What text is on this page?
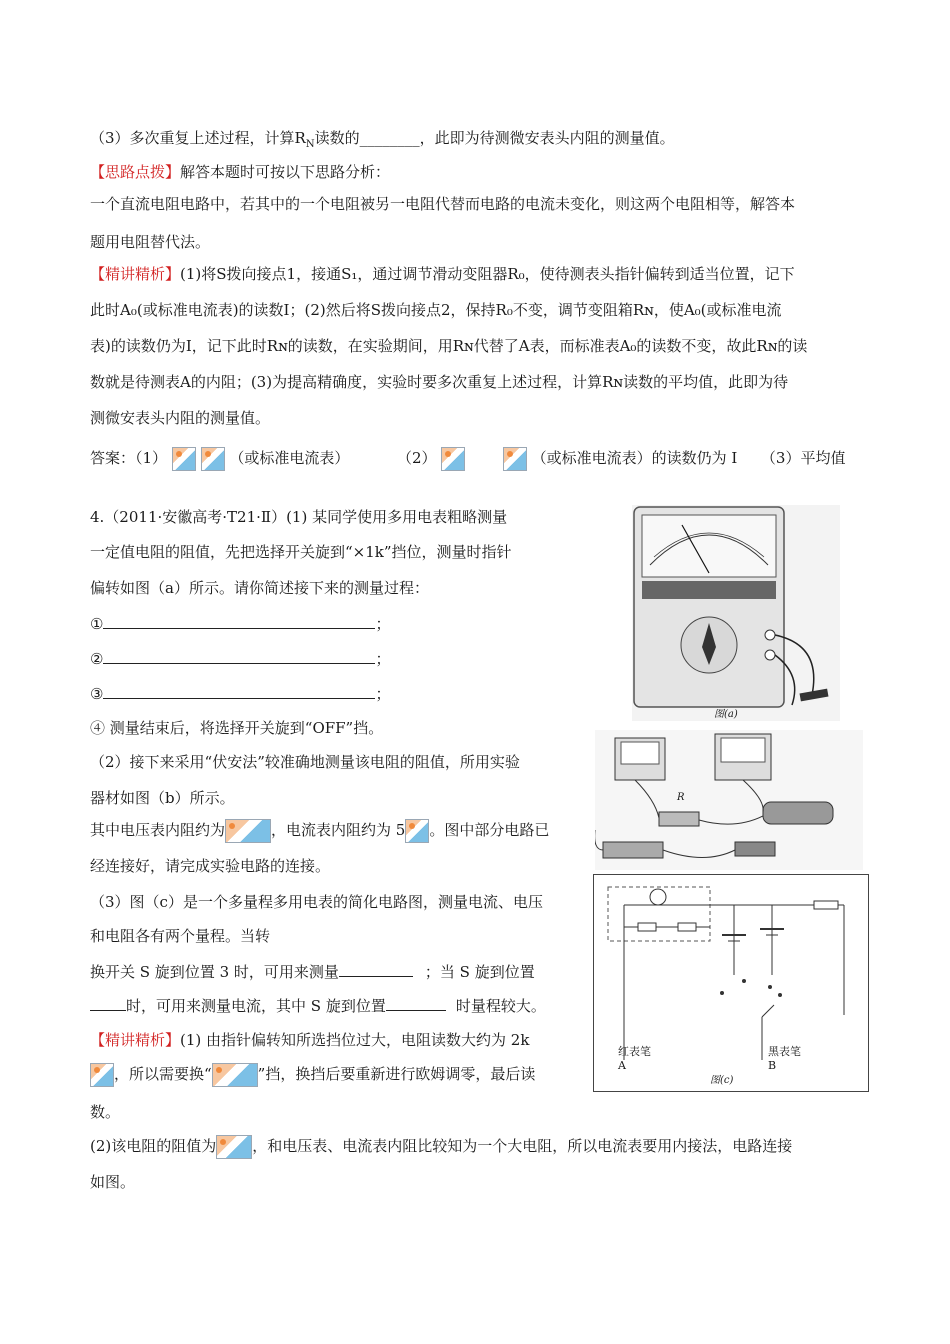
（3）多次重复上述过程，计算$R_N$读数的________，此即为待测微安表头内阻的测量值。
【思路点拨】解答本题时可按以下思路分析：
一个直流电阻电路中，若其中的一个电阻被另一电阻代替而电路的电流未变化，则这两个电阻相等，解答本
题用电阻替代法。
【精讲精析】(1)将S拨向接点1，接通S₁，通过调节滑动变阻器R₀，使待测表头指针偏转到适当位置，记下
此时A₀(或标准电流表)的读数I；(2)然后将S拨向接点2，保持R₀不变，调节变阻箱Rɴ，使A₀(或标准电流
表)的读数仍为I，记下此时Rɴ的读数，在实验期间，用Rɴ代替了A表，而标准表A₀的读数不变，故此Rɴ的读
数就是待测表A的内阻；(3)为提高精确度，实验时要多次重复上述过程，计算Rɴ读数的平均值，此即为待
测微安表头内阻的测量值。
答案：（1）	（或标准电流表）	（2）	（或标准电流表）的读数仍为 I （3）平均值
4.（2011·安徽高考·T21·Ⅱ）(1) 某同学使用多用电表粗略测量
一定值电阻的阻值，先把选择开关旋到“×1k”挡位，测量时指针
偏转如图（a）所示。请你简述接下来的测量过程：
①	；
②	；
③	；
④ 测量结束后，将选择开关旋到“OFF”挡。
（2）接下来采用“伏安法”较准确地测量该电阻的阻值，所用实验
器材如图（b）所示。
其中电压表内阻约为	，电流表内阻约为 5 。图中部分电路已
经连接好，请完成实验电路的连接。
（3）图（c）是一个多量程多用电表的简化电路图，测量电流、电压
和电阻各有两个量程。当转
换开关 S 旋到位置 3 时，可用来测量	；当 S 旋到位置
时，可用来测量电流，其中 S 旋到位置	时量程较大。
【精讲精析】(1) 由指针偏转知所选挡位过大，电阻读数大约为 2k
，所以需要换“	”挡，换挡后要重新进行欧姆调零，最后读
数。
(2)该电阻的阻值为 ，和电压表、电流表内阻比较知为一个大电阻，所以电流表要用内接法，电路连接
如图。
图(a)
R
红表笔
A
黑表笔
B
图(c)
